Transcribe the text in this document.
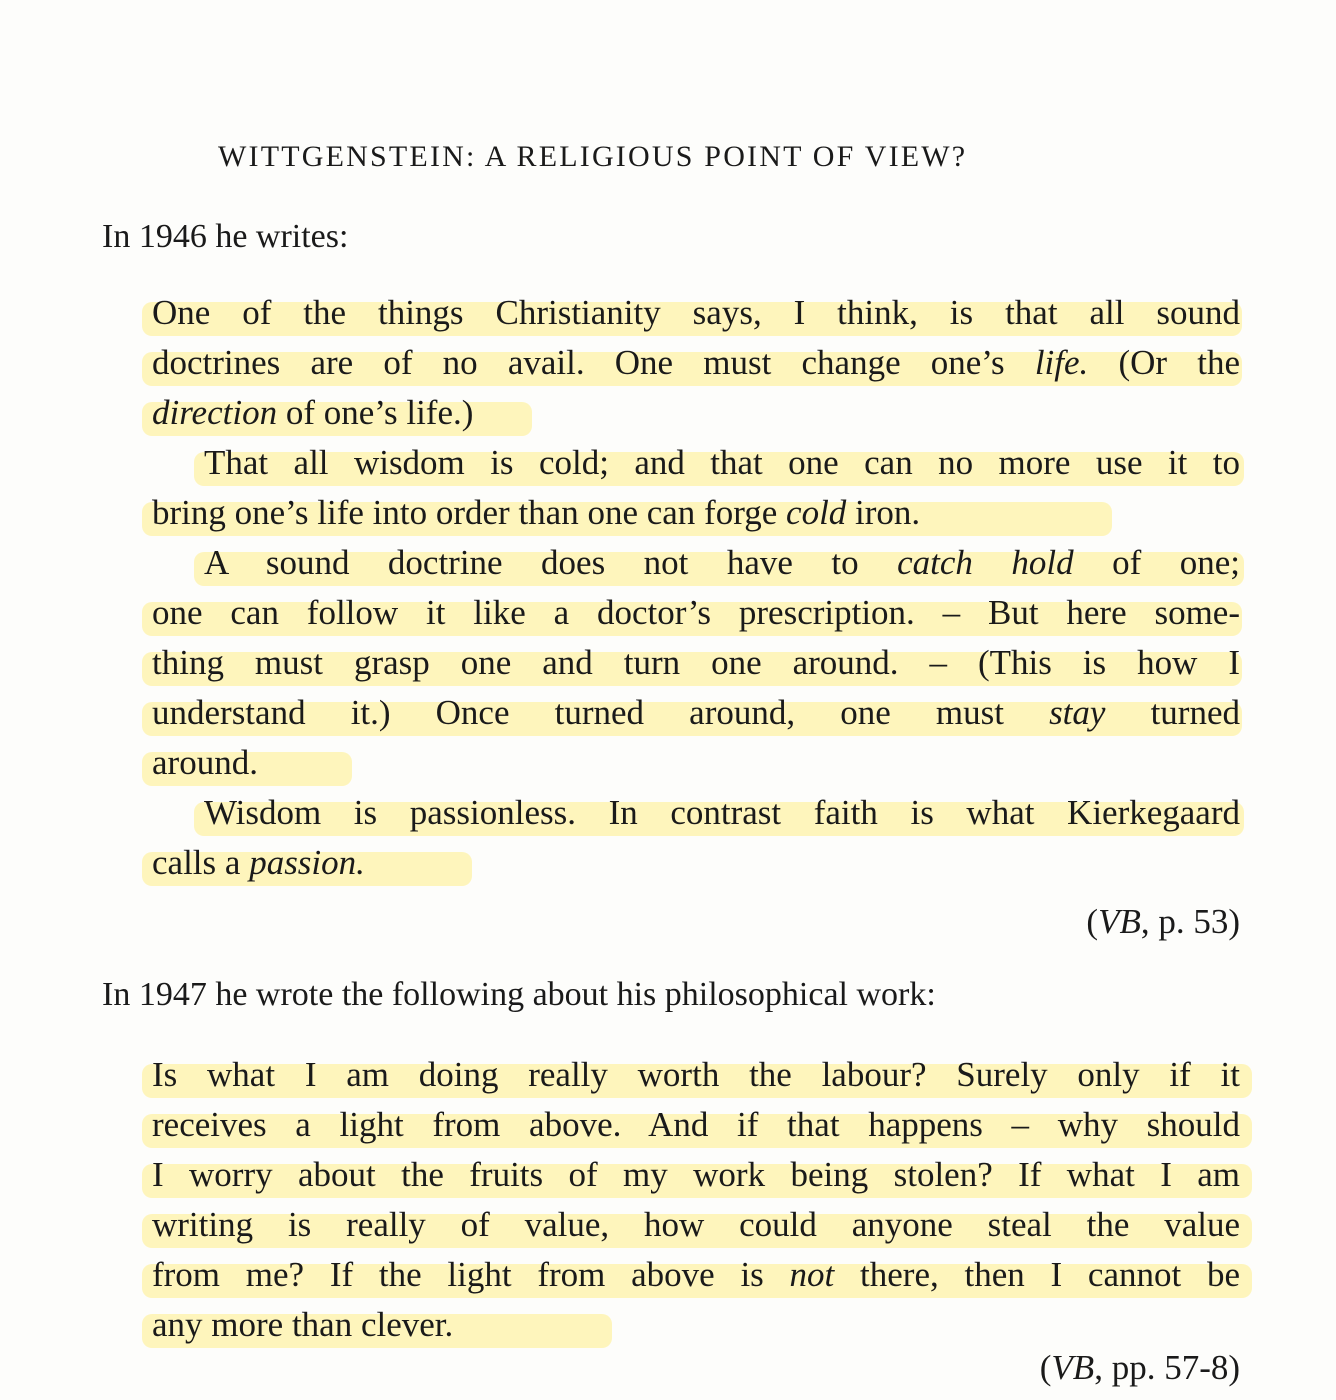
WITTGENSTEIN: A RELIGIOUS POINT OF VIEW?
In 1946 he writes:
One of the things Christianity says, I think, is that all sound
doctrines are of no avail. One must change one’s life. (Or the
direction of one’s life.)
That all wisdom is cold; and that one can no more use it to
bring one’s life into order than one can forge cold iron.
A sound doctrine does not have to catch hold of one;
one can follow it like a doctor’s prescription. – But here some-
thing must grasp one and turn one around. – (This is how I
understand it.) Once turned around, one must stay turned
around.
Wisdom is passionless. In contrast faith is what Kierkegaard
calls a passion.
(VB, p. 53)
In 1947 he wrote the following about his philosophical work:
Is what I am doing really worth the labour? Surely only if it
receives a light from above. And if that happens – why should
I worry about the fruits of my work being stolen? If what I am
writing is really of value, how could anyone steal the value
from me? If the light from above is not there, then I cannot be
any more than clever.
(VB, pp. 57-8)
